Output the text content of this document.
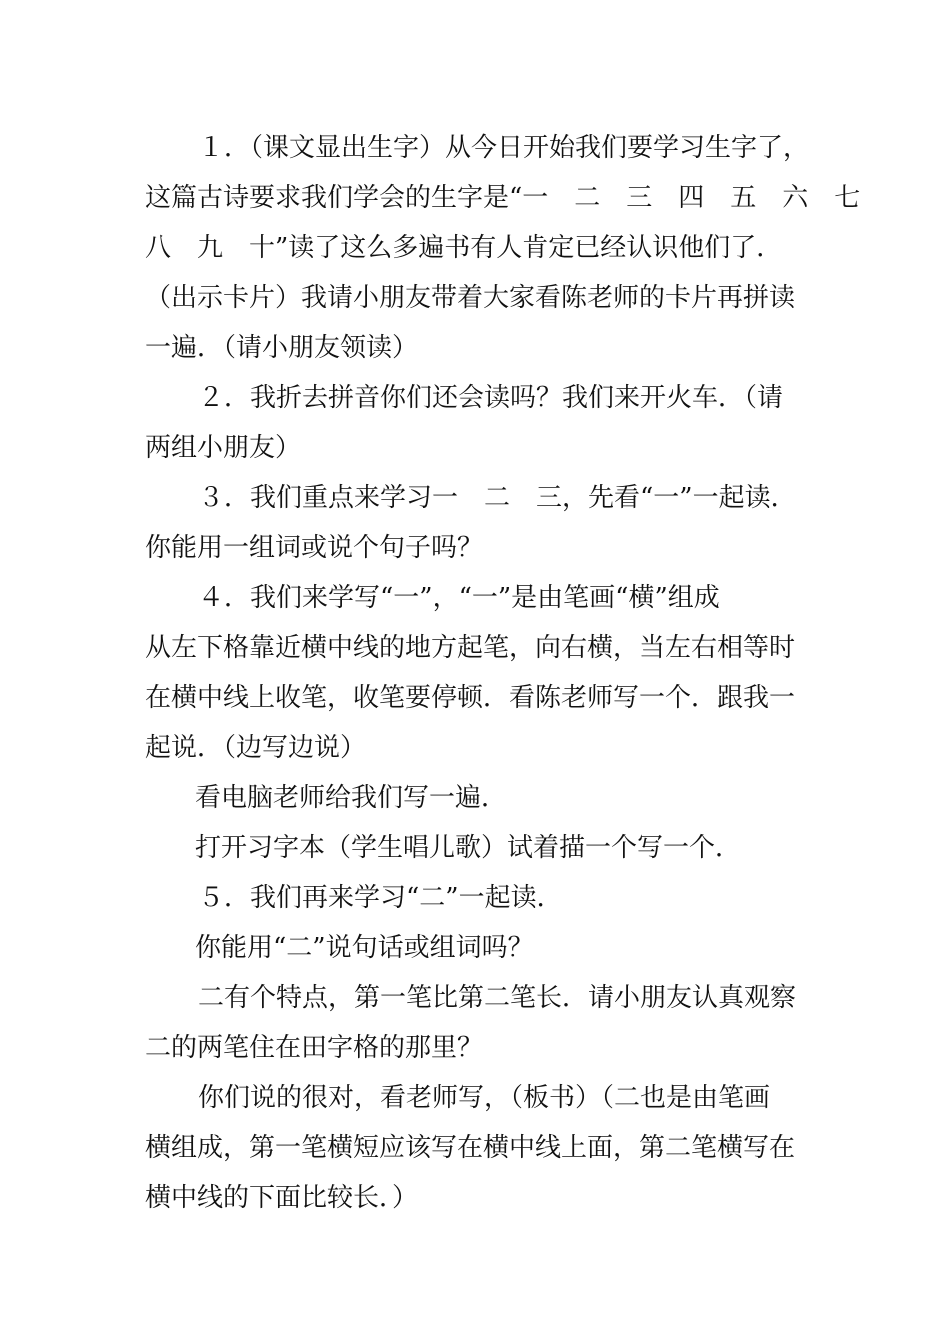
　１．（课文显出生字）从今日开始我们要学习生字了，

这篇古诗要求我们学会的生字是“一　二　三　四　五　六　七

八　九　十”读了这么多遍书有人肯定已经认识他们了．

（出示卡片）我请小朋友带着大家看陈老师的卡片再拼读

一遍．（请小朋友领读）

　２．我折去拼音你们还会读吗？我们来开火车．（请

两组小朋友）

　３．我们重点来学习一　二　三，先看“一”一起读．

你能用一组词或说个句子吗？

　４．我们来学写“一”，“一”是由笔画“横”组成

从左下格靠近横中线的地方起笔，向右横，当左右相等时

在横中线上收笔，收笔要停顿．看陈老师写一个．跟我一

起说．（边写边说）

看电脑老师给我们写一遍．

打开习字本（学生唱儿歌）试着描一个写一个．

５．我们再来学习“二”一起读．

你能用“二”说句话或组词吗？

二有个特点，第一笔比第二笔长．请小朋友认真观察

二的两笔住在田字格的那里？

你们说的很对，看老师写，（板书）（二也是由笔画

横组成，第一笔横短应该写在横中线上面，第二笔横写在

横中线的下面比较长．）
